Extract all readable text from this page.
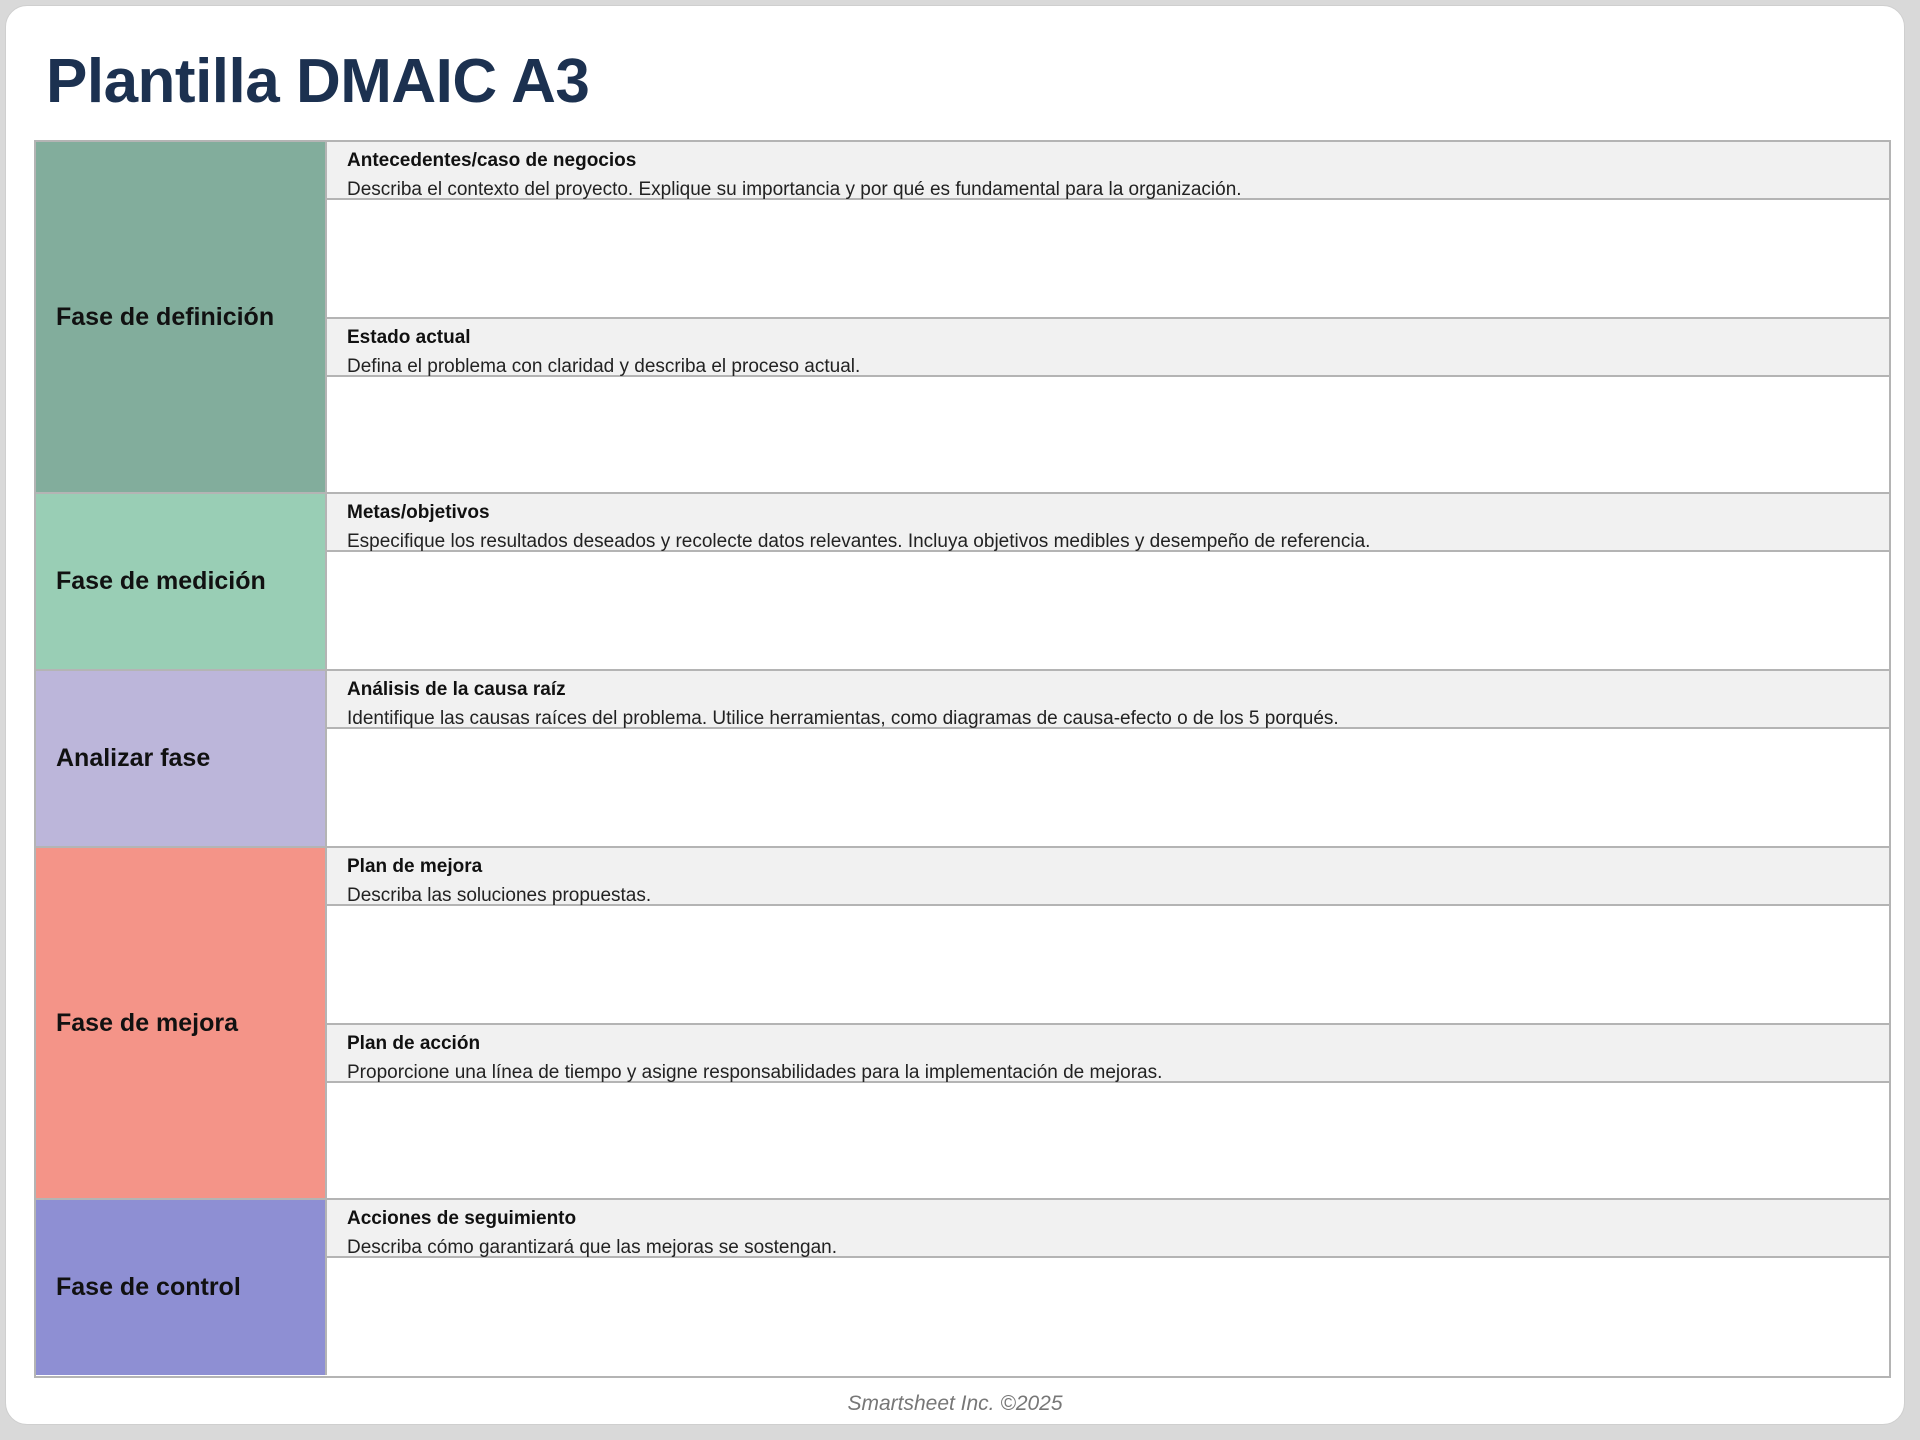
Plantilla DMAIC A3
Fase de definición
Antecedentes/caso de negocios
Describa el contexto del proyecto. Explique su importancia y por qué es fundamental para la organización.
Estado actual
Defina el problema con claridad y describa el proceso actual.
Fase de medición
Metas/objetivos
Especifique los resultados deseados y recolecte datos relevantes. Incluya objetivos medibles y desempeño de referencia.
Analizar fase
Análisis de la causa raíz
Identifique las causas raíces del problema. Utilice herramientas, como diagramas de causa-efecto o de los 5 porqués.
Fase de mejora
Plan de mejora
Describa las soluciones propuestas.
Plan de acción
Proporcione una línea de tiempo y asigne responsabilidades para la implementación de mejoras.
Fase de control
Acciones de seguimiento
Describa cómo garantizará que las mejoras se sostengan.
Smartsheet Inc. ©2025
